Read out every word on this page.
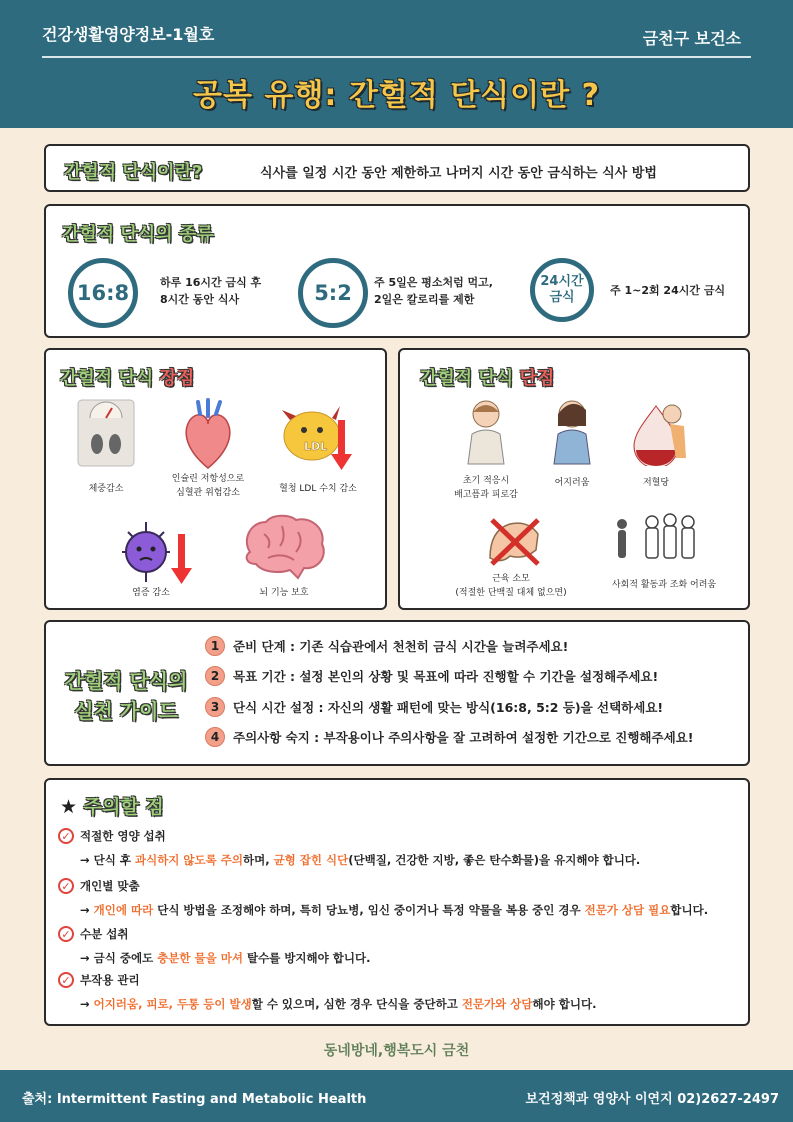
건강생활영양정보-1월호	금천구 보건소
공복 유행: 간헐적 단식이란 ?
간헐적 단식이란?	식사를 일정 시간 동안 제한하고 나머지 시간 동안 금식하는 식사 방법
간헐적 단식의 종류
16:8	하루 16시간 금식 후
8시간 동안 식사	5:2	주 5일은 평소처럼 먹고,
2일은 칼로리를 제한
24시간
금식	주 1~2회 24시간 금식
간헐적 단식 장점
체중감소
인슐린 저항성으로
심혈관 위험감소
LDL
혈청 LDL 수치 감소
염증 감소	뇌 기능 보호
간헐적 단식 단점
초기 적응시
배고픔과 피로감
어지러움	저혈당
근육 소모
(적절한 단백질 대체 없으면)
사회적 활동과 조화 어려움
간헐적 단식의
실천 가이드
1	준비 단계 : 기존 식습관에서 천천히 금식 시간을 늘려주세요!
2	목표 기간 : 설정 본인의 상황 및 목표에 따라 진행할 수 기간을 설정해주세요!
3	단식 시간 설정 : 자신의 생활 패턴에 맞는 방식(16:8, 5:2 등)을 선택하세요!
4	주의사항 숙지 : 부작용이나 주의사항을 잘 고려하여 설정한 기간으로 진행해주세요!
★ 주의할 점
✓ 적절한 영양 섭취
→ 단식 후 과식하지 않도록 주의하며, 균형 잡힌 식단(단백질, 건강한 지방, 좋은 탄수화물)을 유지해야 합니다.
✓ 개인별 맞춤
→ 개인에 따라 단식 방법을 조정해야 하며, 특히 당뇨병, 임신 중이거나 특정 약물을 복용 중인 경우 전문가 상담 필요합니다.
✓ 수분 섭취
→ 금식 중에도 충분한 물을 마셔 탈수를 방지해야 합니다.
✓ 부작용 관리
→ 어지러움, 피로, 두통 등이 발생할 수 있으며, 심한 경우 단식을 중단하고 전문가와 상담해야 합니다.
동네방네,행복도시 금천
출처: Intermittent Fasting and Metabolic Health	보건정책과 영양사 이연지 02)2627-2497
